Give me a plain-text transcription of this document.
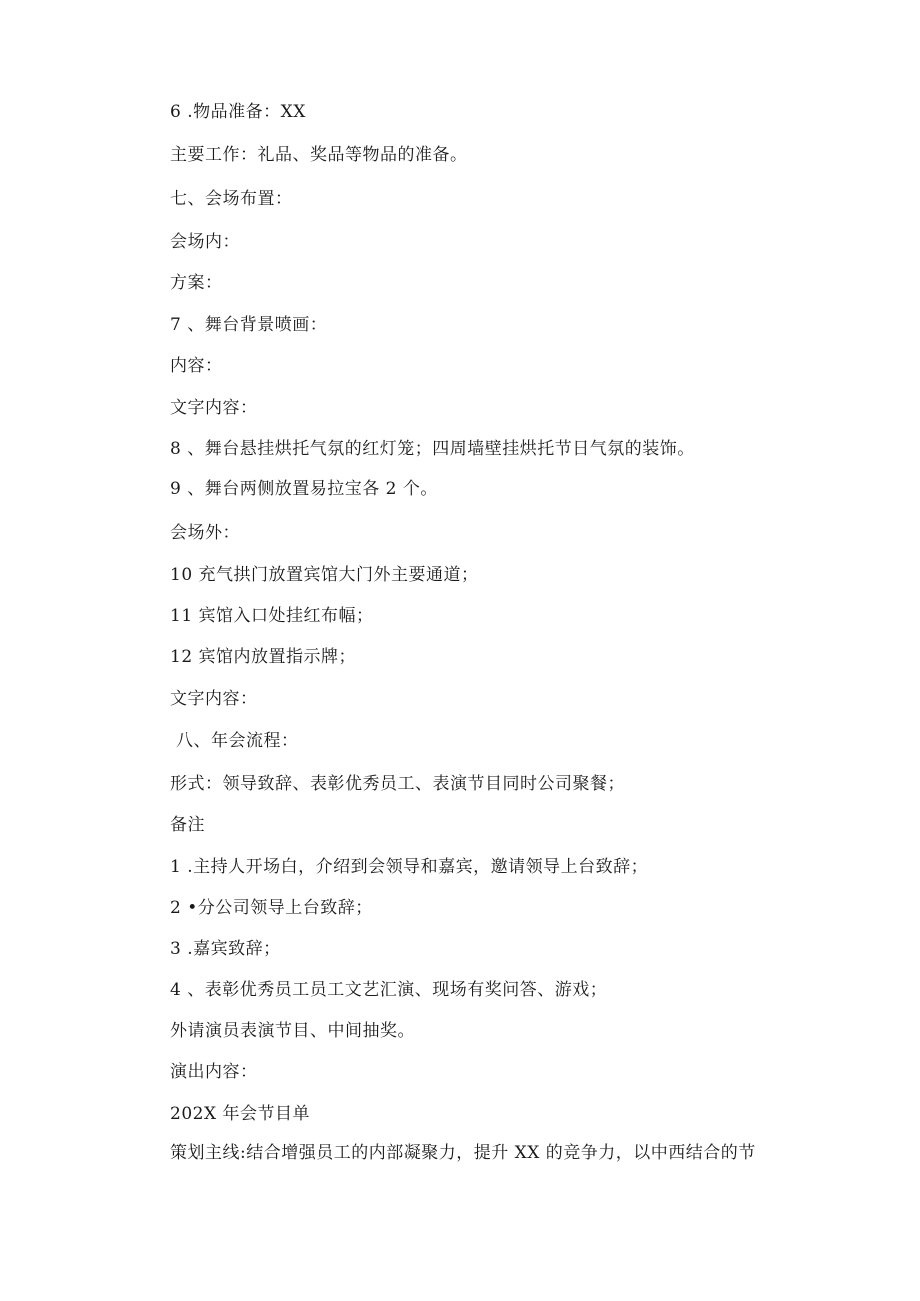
6 .物品准备：XX
主要工作：礼品、奖品等物品的准备。
七、会场布置：
会场内：
方案：
7 、舞台背景喷画：
内容：
文字内容：
8 、舞台悬挂烘托气氛的红灯笼；四周墙壁挂烘托节日气氛的装饰。
9 、舞台两侧放置易拉宝各 2 个。
会场外：
10 充气拱门放置宾馆大门外主要通道；
11 宾馆入口处挂红布幅；
12 宾馆内放置指示牌；
文字内容：
八、年会流程：
形式：领导致辞、表彰优秀员工、表演节目同时公司聚餐；
备注
1 .主持人开场白，介绍到会领导和嘉宾，邀请领导上台致辞；
2 •分公司领导上台致辞；
3 .嘉宾致辞；
4 、表彰优秀员工员工文艺汇演、现场有奖问答、游戏；
外请演员表演节目、中间抽奖。
演出内容：
202X 年会节目单
策划主线:结合增强员工的内部凝聚力，提升 XX 的竞争力，以中西结合的节
